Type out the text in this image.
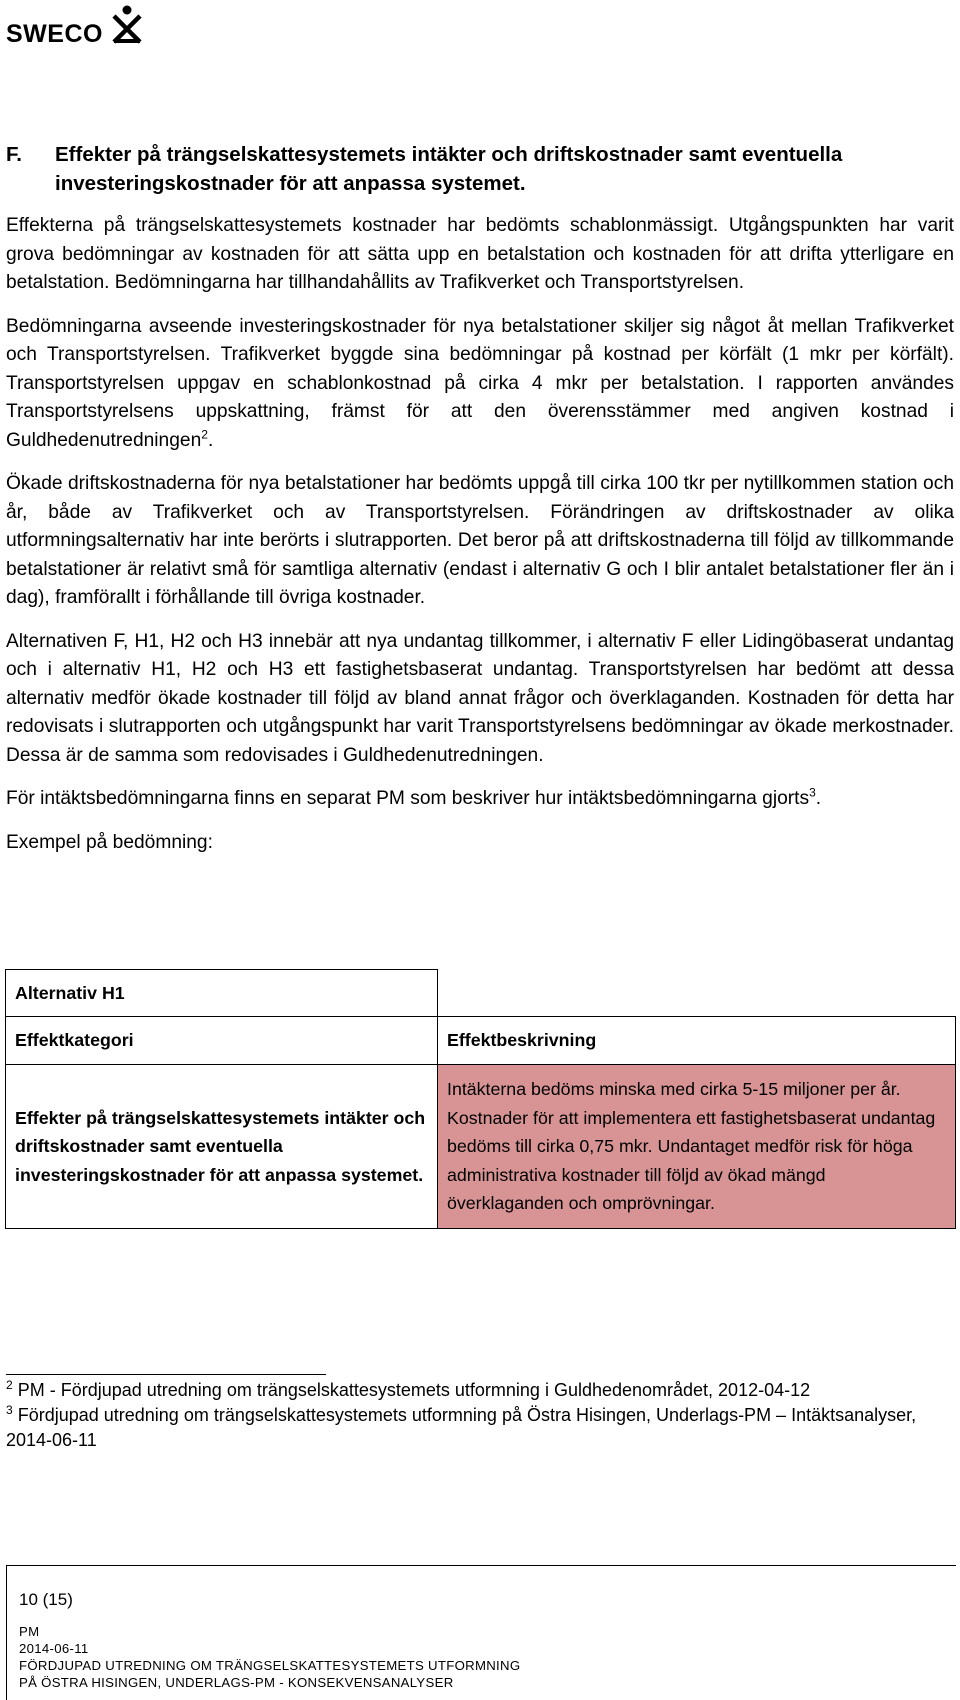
SWECO
F.	Effekter på trängselskattesystemets intäkter och driftskostnader samt eventuella investeringskostnader för att anpassa systemet.

Effekterna på trängselskattesystemets kostnader har bedömts schablonmässigt. Utgångspunkten har varit grova bedömningar av kostnaden för att sätta upp en betalstation och kostnaden för att drifta ytterligare en betalstation. Bedömningarna har tillhandahållits av Trafikverket och Transportstyrelsen.

Bedömningarna avseende investeringskostnader för nya betalstationer skiljer sig något åt mellan Trafikverket och Transportstyrelsen. Trafikverket byggde sina bedömningar på kostnad per körfält (1 mkr per körfält). Transportstyrelsen uppgav en schablonkostnad på cirka 4 mkr per betalstation. I rapporten användes Transportstyrelsens uppskattning, främst för att den överensstämmer med angiven kostnad i Guldhedenutredningen$^2$.

Ökade driftskostnaderna för nya betalstationer har bedömts uppgå till cirka 100 tkr per nytillkommen station och år, både av Trafikverket och av Transportstyrelsen. Förändringen av driftskostnader av olika utformningsalternativ har inte berörts i slutrapporten. Det beror på att driftskostnaderna till följd av tillkommande betalstationer är relativt små för samtliga alternativ (endast i alternativ G och I blir antalet betalstationer fler än i dag), framförallt i förhållande till övriga kostnader.

Alternativen F, H1, H2 och H3 innebär att nya undantag tillkommer, i alternativ F eller Lidingöbaserat undantag och i alternativ H1, H2 och H3 ett fastighetsbaserat undantag. Transportstyrelsen har bedömt att dessa alternativ medför ökade kostnader till följd av bland annat frågor och överklaganden. Kostnaden för detta har redovisats i slutrapporten och utgångspunkt har varit Transportstyrelsens bedömningar av ökade merkostnader. Dessa är de samma som redovisades i Guldhedenutredningen.

För intäktsbedömningarna finns en separat PM som beskriver hur intäktsbedömningarna gjorts$^3$.

Exempel på bedömning:

Alternativ H1	
Effektkategori	Effektbeskrivning
Effekter på trängselskattesystemets intäkter och driftskostnader samt eventuella investeringskostnader för att anpassa systemet.	Intäkterna bedöms minska med cirka 5-15 miljoner per år. Kostnader för att implementera ett fastighetsbaserat undantag bedöms till cirka 0,75 mkr. Undantaget medför risk för höga administrativa kostnader till följd av ökad mängd överklaganden och omprövningar.

$^2$ PM - Fördjupad utredning om trängselskattesystemets utformning i Guldhedenområdet, 2012-04-12

$^3$ Fördjupad utredning om trängselskattesystemets utformning på Östra Hisingen, Underlags-PM – Intäktsanalyser, 2014-06-11

10 (15)
PM
2014-06-11
FÖRDJUPAD UTREDNING OM TRÄNGSELSKATTESYSTEMETS UTFORMNING
PÅ ÖSTRA HISINGEN, UNDERLAGS-PM - KONSEKVENSANALYSER
